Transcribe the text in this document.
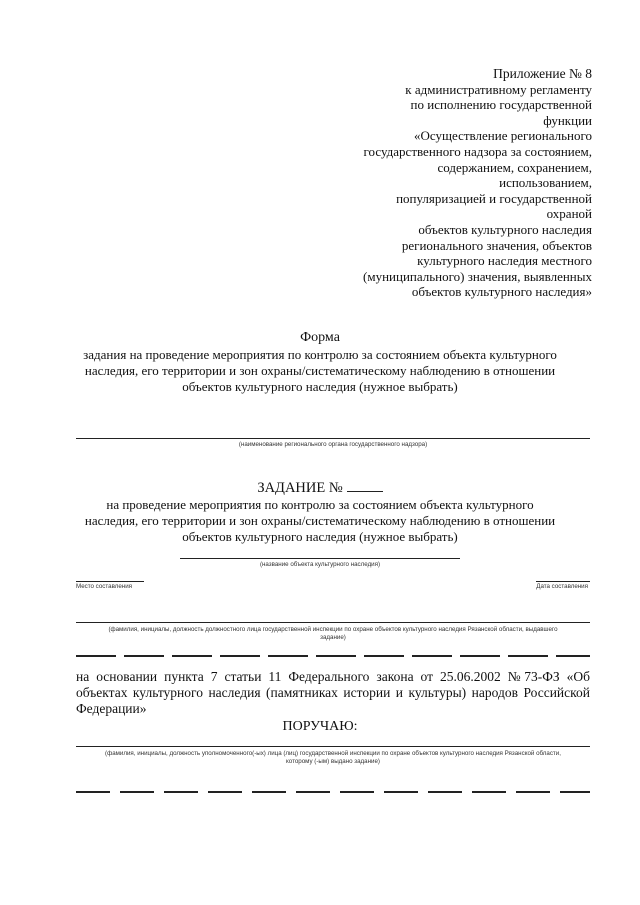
Приложение № 8
к административному регламенту
по исполнению государственной
функции
«Осуществление регионального
государственного надзора за состоянием,
содержанием, сохранением,
использованием,
популяризацией и государственной
охраной
объектов культурного наследия
регионального значения, объектов
культурного наследия местного
(муниципального) значения, выявленных
объектов культурного наследия»
Форма
задания на проведение мероприятия по контролю за состоянием объекта культурного
наследия, его территории и зон охраны/систематическому наблюдению в отношении
объектов культурного наследия (нужное выбрать)
(наименование регионального органа государственного надзора)
ЗАДАНИЕ №
на проведение мероприятия по контролю за состоянием объекта культурного
наследия, его территории и зон охраны/систематическому наблюдению в отношении
объектов культурного наследия (нужное выбрать)
(название объекта культурного наследия)
Место составления	Дата составления
(фамилия, инициалы, должность должностного лица государственной инспекции по охране объектов культурного наследия Рязанской области, выдавшего
задание)
на основании пункта 7 статьи 11 Федерального закона от 25.06.2002 №73-ФЗ «Об объектах культурного наследия (памятниках истории и культуры) народов Российской Федерации»
ПОРУЧАЮ:
(фамилия, инициалы, должность уполномоченного(-ых) лица (лиц) государственной инспекции по охране объектов культурного наследия Рязанской области,
которому (-ым) выдано задание)
